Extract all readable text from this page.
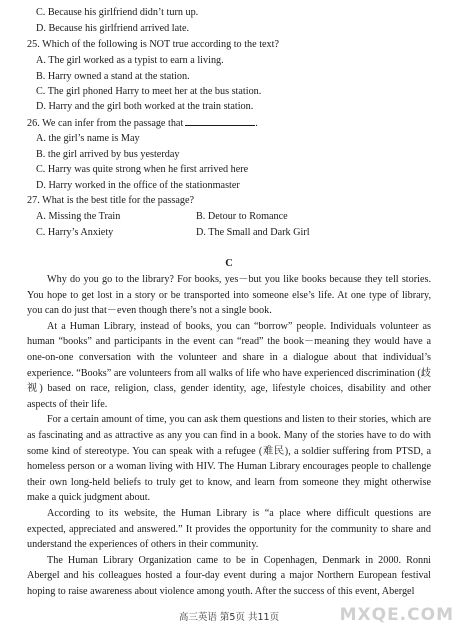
C. Because his girlfriend didn’t turn up.
D. Because his girlfriend arrived late.
25. Which of the following is NOT true according to the text?
A. The girl worked as a typist to earn a living.
B. Harry owned a stand at the station.
C. The girl phoned Harry to meet her at the bus station.
D. Harry and the girl both worked at the train station.
26. We can infer from the passage that	.
A. the girl’s name is May
B. the girl arrived by bus yesterday
C. Harry was quite strong when he first arrived here
D. Harry worked in the office of the stationmaster
27. What is the best title for the passage?
A. Missing the Train	B. Detour to Romance
C. Harry’s Anxiety	D. The Small and Dark Girl
C

Why do you go to the library? For books, yes－but you like books because they tell stories. You hope to get lost in a story or be transported into someone else’s life. At one type of library, you can do just that－even though there’s not a single book.

At a Human Library, instead of books, you can “borrow” people. Individuals volunteer as human “books” and participants in the event can “read” the book－meaning they would have a one-on-one conversation with the volunteer and share in a dialogue about that individual’s experience. “Books” are volunteers from all walks of life who have experienced discrimination (歧视) based on race, religion, class, gender identity, age, lifestyle choices, disability and other aspects of their life.

For a certain amount of time, you can ask them questions and listen to their stories, which are as fascinating and as attractive as any you can find in a book. Many of the stories have to do with some kind of stereotype. You can speak with a refugee (难民), a soldier suffering from PTSD, a homeless person or a woman living with HIV. The Human Library encourages people to challenge their own long-held beliefs to truly get to know, and learn from someone they might otherwise make a quick judgment about.

According to its website, the Human Library is “a place where difficult questions are expected, appreciated and answered.” It provides the opportunity for the community to share and understand the experiences of others in their community.

The Human Library Organization came to be in Copenhagen, Denmark in 2000. Ronni Abergel and his colleagues hosted a four-day event during a major Northern European festival hoping to raise awareness about violence among youth. After the success of this event, Abergel

高三英语 第5页 共11页	MXQE.COM
